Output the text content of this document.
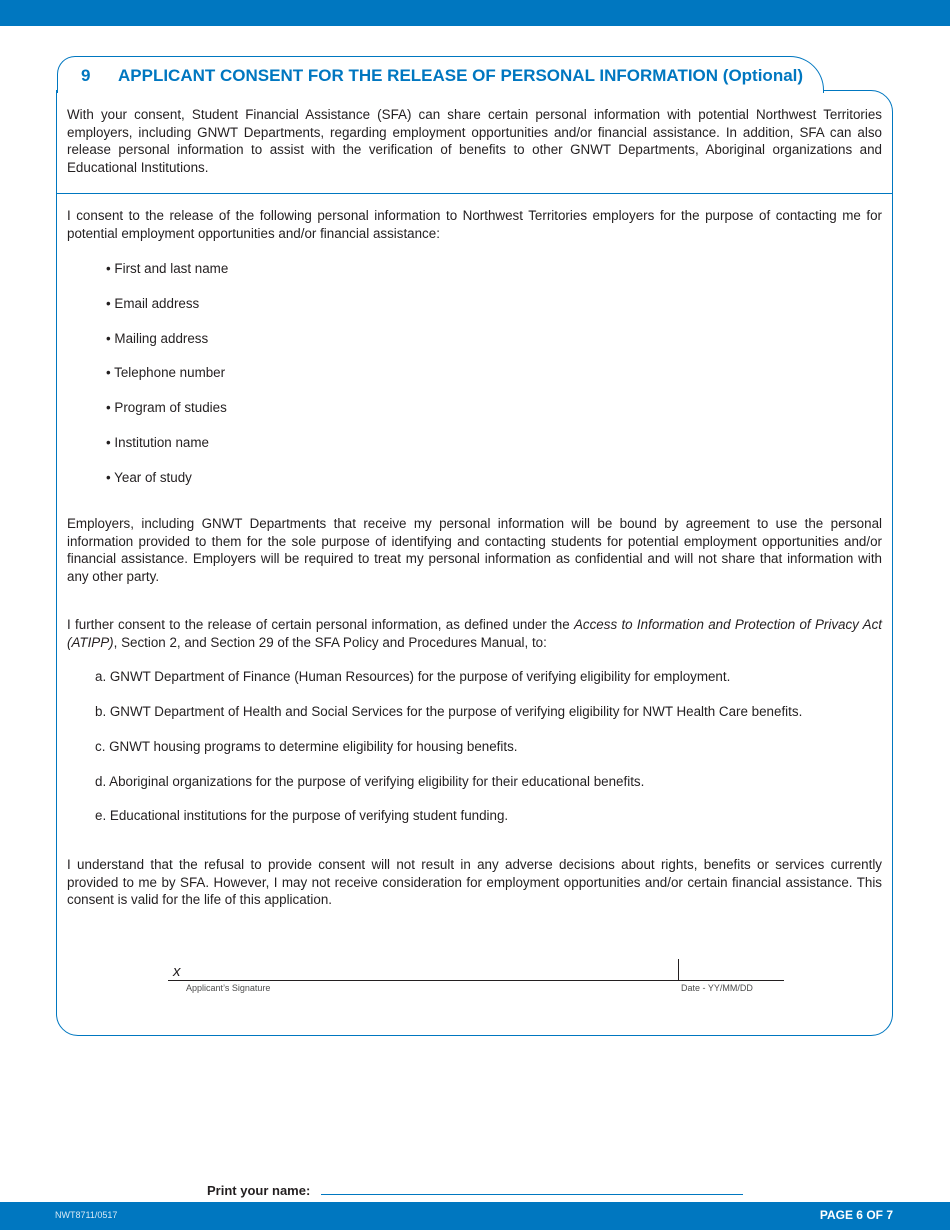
9 APPLICANT CONSENT FOR THE RELEASE OF PERSONAL INFORMATION (Optional)
With your consent, Student Financial Assistance (SFA) can share certain personal information with potential Northwest Territories employers, including GNWT Departments, regarding employment opportunities and/or financial assistance. In addition, SFA can also release personal information to assist with the verification of benefits to other GNWT Departments, Aboriginal organizations and Educational Institutions.
I consent to the release of the following personal information to Northwest Territories employers for the purpose of contacting me for potential employment opportunities and/or financial assistance:
• First and last name
• Email address
• Mailing address
• Telephone number
• Program of studies
• Institution name
• Year of study
Employers, including GNWT Departments that receive my personal information will be bound by agreement to use the personal information provided to them for the sole purpose of identifying and contacting students for potential employment opportunities and/or financial assistance. Employers will be required to treat my personal information as confidential and will not share that information with any other party.
I further consent to the release of certain personal information, as defined under the Access to Information and Protection of Privacy Act (ATIPP), Section 2, and Section 29 of the SFA Policy and Procedures Manual, to:
a. GNWT Department of Finance (Human Resources) for the purpose of verifying eligibility for employment.
b. GNWT Department of Health and Social Services for the purpose of verifying eligibility for NWT Health Care benefits.
c. GNWT housing programs to determine eligibility for housing benefits.
d. Aboriginal organizations for the purpose of verifying eligibility for their educational benefits.
e. Educational institutions for the purpose of verifying student funding.
I understand that the refusal to provide consent will not result in any adverse decisions about rights, benefits or services currently provided to me by SFA. However, I may not receive consideration for employment opportunities and/or certain financial assistance. This consent is valid for the life of this application.
x
Applicant’s Signature	Date - YY/MM/DD
Print your name:
NWT8711/0517	PAGE 6 OF 7
